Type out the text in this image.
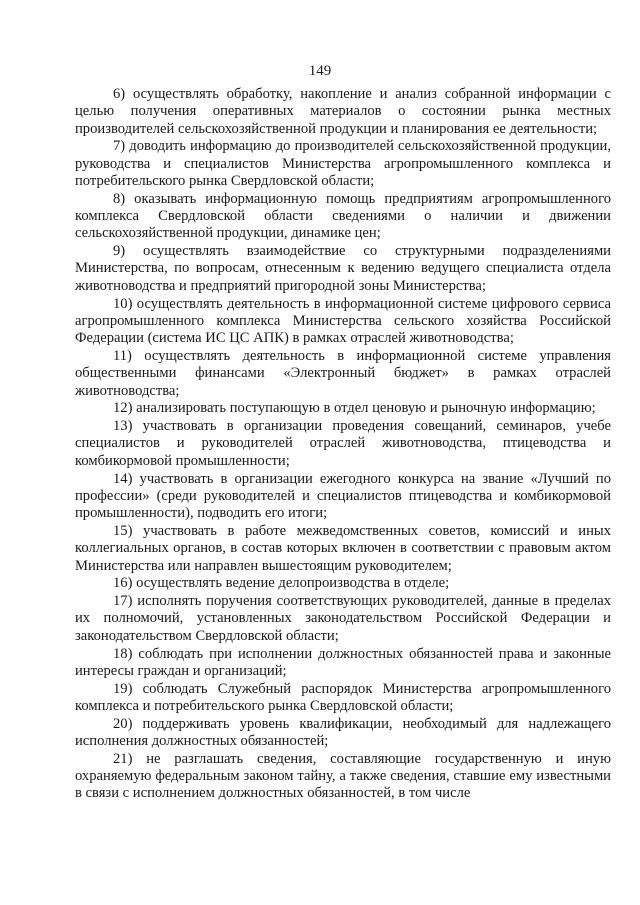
149

6) осуществлять обработку, накопление и анализ собранной информации с целью получения оперативных материалов о состоянии рынка местных производителей сельскохозяйственной продукции и планирования ее деятельности;

7) доводить информацию до производителей сельскохозяйственной продукции, руководства и специалистов Министерства агропромышленного комплекса и потребительского рынка Свердловской области;

8) оказывать информационную помощь предприятиям агропромышленного комплекса Свердловской области сведениями о наличии и движении сельскохозяйственной продукции, динамике цен;

9) осуществлять взаимодействие со структурными подразделениями Министерства, по вопросам, отнесенным к ведению ведущего специалиста отдела животноводства и предприятий пригородной зоны Министерства;

10) осуществлять деятельность в информационной системе цифрового сервиса агропромышленного комплекса Министерства сельского хозяйства Российской Федерации (система ИС ЦС АПК) в рамках отраслей животноводства;

11) осуществлять деятельность в информационной системе управления общественными финансами «Электронный бюджет» в рамках отраслей животноводства;

12) анализировать поступающую в отдел ценовую и рыночную информацию;

13) участвовать в организации проведения совещаний, семинаров, учебе специалистов и руководителей отраслей животноводства, птицеводства и комбикормовой промышленности;

14) участвовать в организации ежегодного конкурса на звание «Лучший по профессии» (среди руководителей и специалистов птицеводства и комбикормовой промышленности), подводить его итоги;

15) участвовать в работе межведомственных советов, комиссий и иных коллегиальных органов, в состав которых включен в соответствии с правовым актом Министерства или направлен вышестоящим руководителем;

16) осуществлять ведение делопроизводства в отделе;

17) исполнять поручения соответствующих руководителей, данные в пределах их полномочий, установленных законодательством Российской Федерации и законодательством Свердловской области;

18) соблюдать при исполнении должностных обязанностей права и законные интересы граждан и организаций;

19) соблюдать Служебный распорядок Министерства агропромышленного комплекса и потребительского рынка Свердловской области;

20) поддерживать уровень квалификации, необходимый для надлежащего исполнения должностных обязанностей;

21) не разглашать сведения, составляющие государственную и иную охраняемую федеральным законом тайну, а также сведения, ставшие ему известными в связи с исполнением должностных обязанностей, в том числе
